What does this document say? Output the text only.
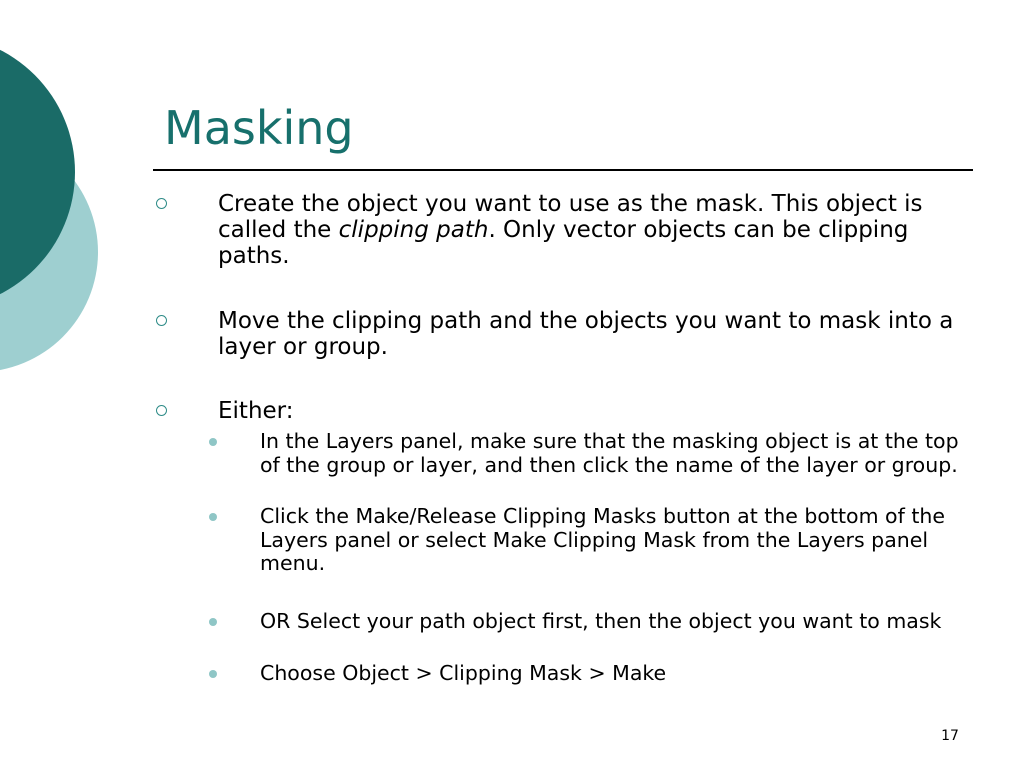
Masking
Create the object you want to use as the mask. This object is called the clipping path. Only vector objects can be clipping paths.
Move the clipping path and the objects you want to mask into a layer or group.
Either:
In the Layers panel, make sure that the masking object is at the top of the group or layer, and then click the name of the layer or group.
Click the Make/Release Clipping Masks button at the bottom of the Layers panel or select Make Clipping Mask from the Layers panel menu.
OR Select your path object first, then the object you want to mask
Choose Object > Clipping Mask > Make
17
